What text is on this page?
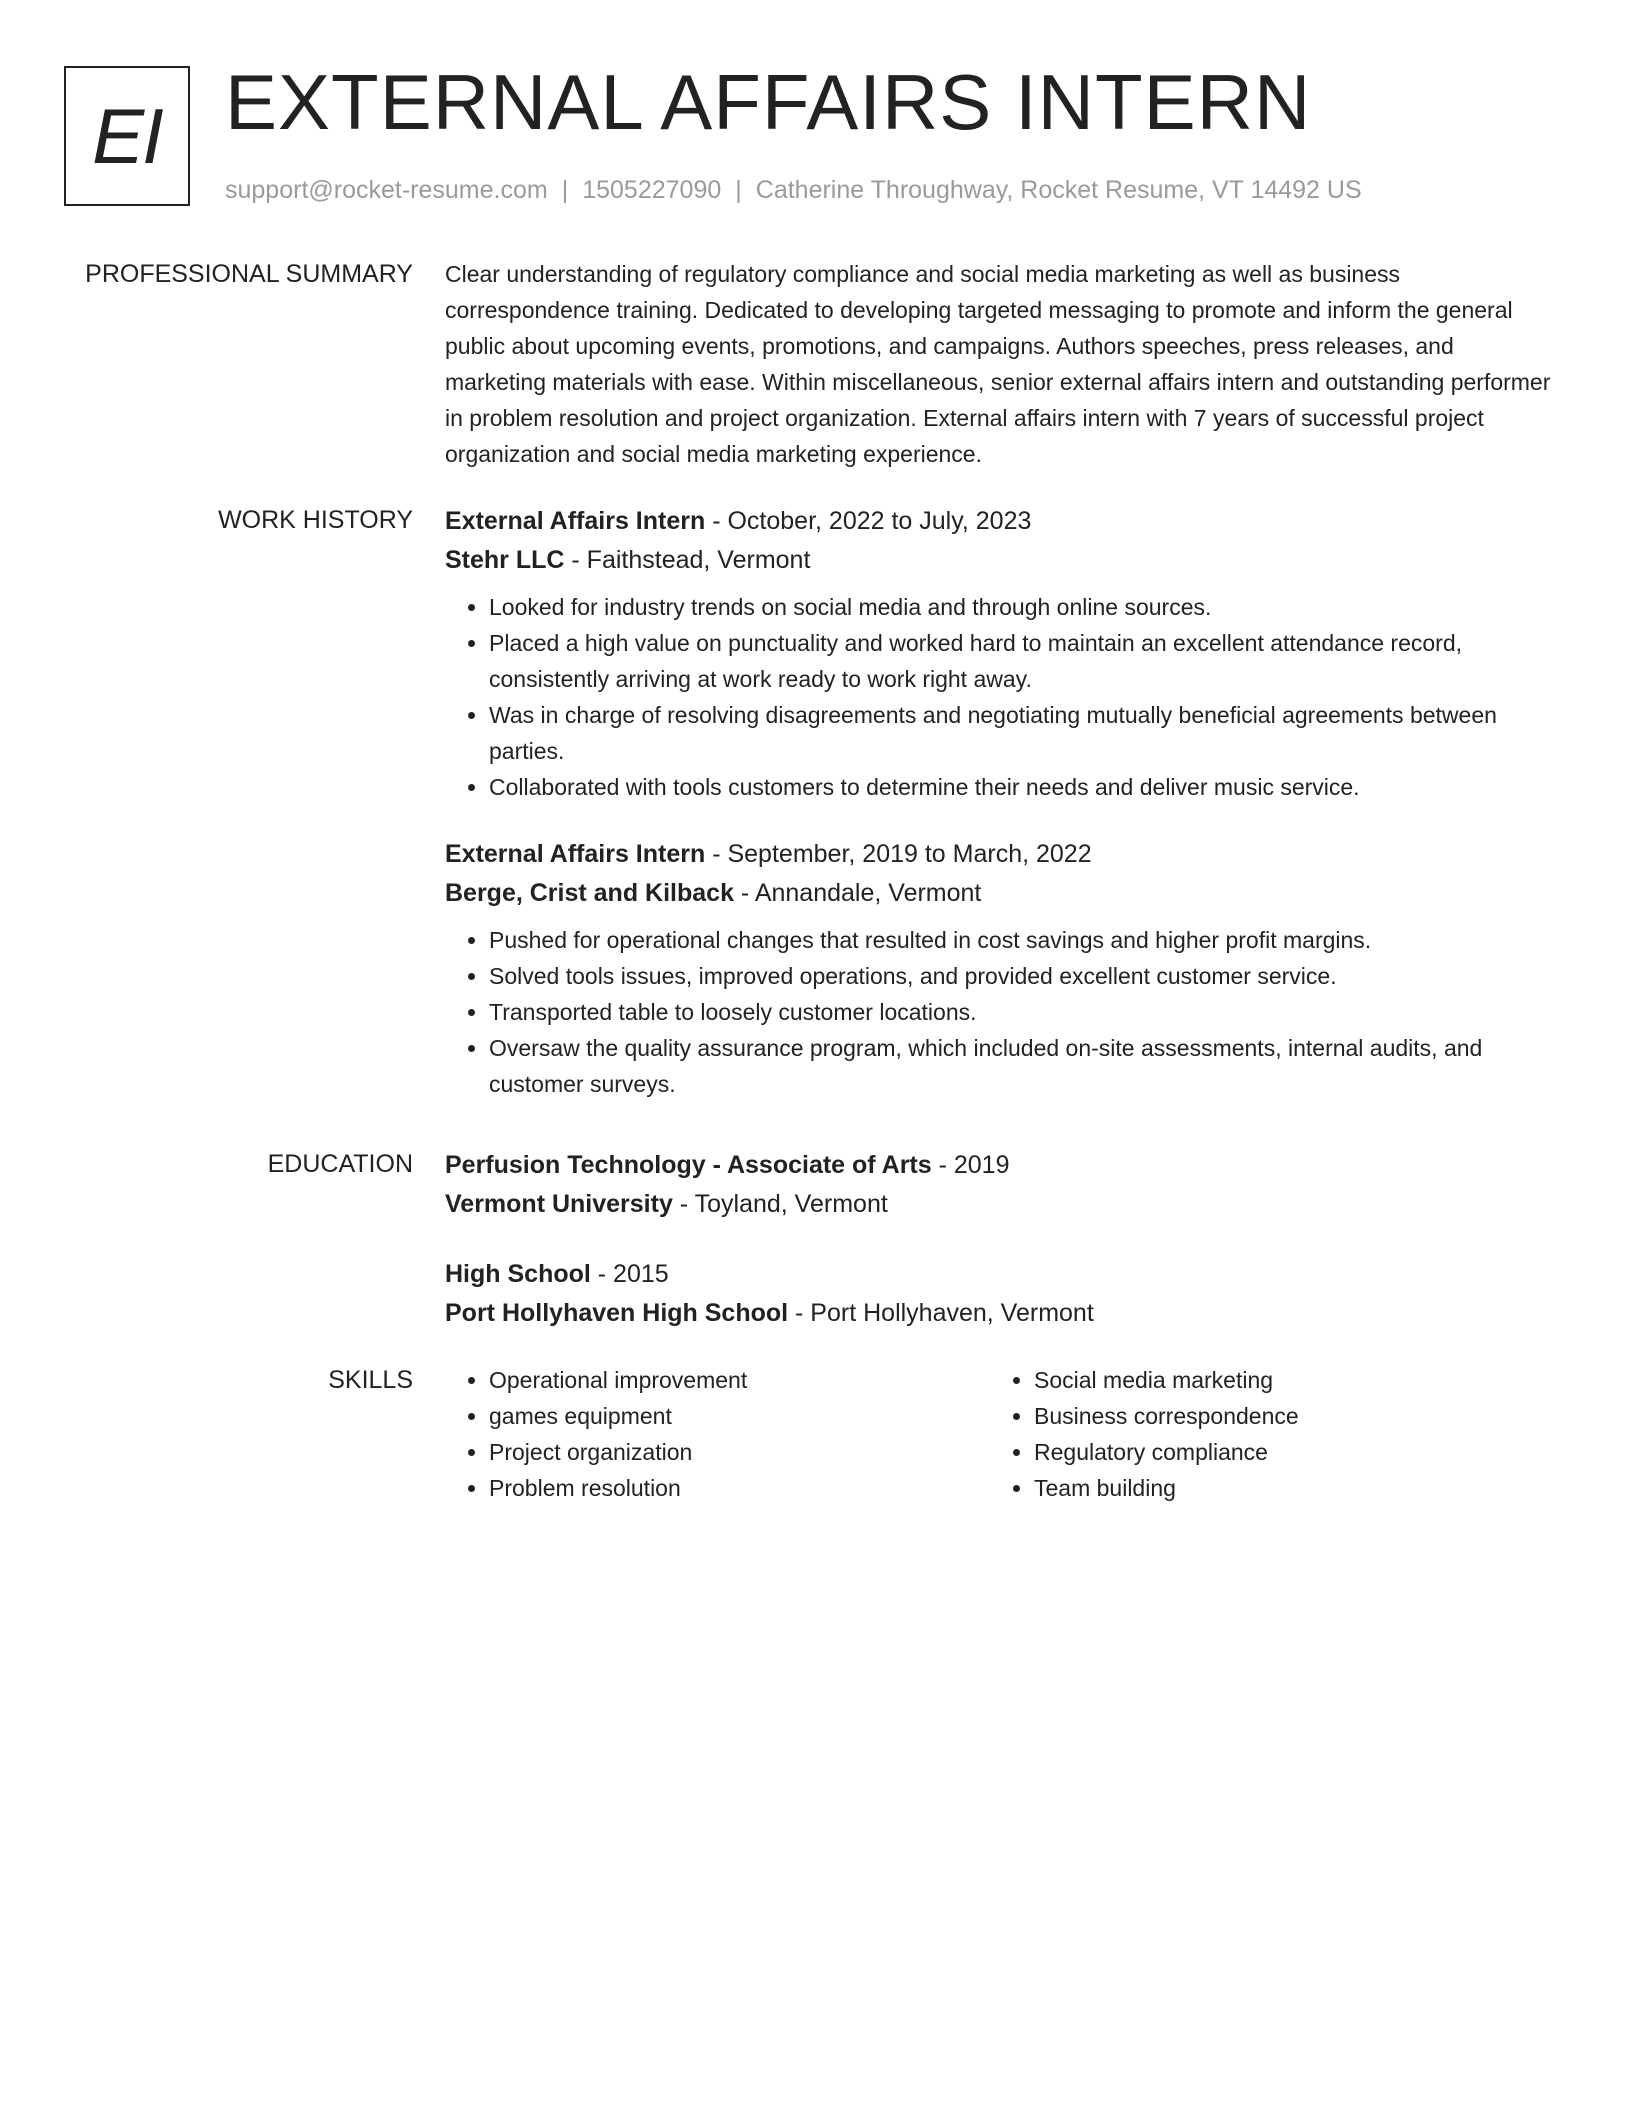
EI EXTERNAL AFFAIRS INTERN
support@rocket-resume.com | 1505227090 | Catherine Throughway, Rocket Resume, VT 14492 US
PROFESSIONAL SUMMARY Clear understanding of regulatory compliance and social media marketing as well as business correspondence training. Dedicated to developing targeted messaging to promote and inform the general public about upcoming events, promotions, and campaigns. Authors speeches, press releases, and marketing materials with ease. Within miscellaneous, senior external affairs intern and outstanding performer in problem resolution and project organization. External affairs intern with 7 years of successful project organization and social media marketing experience.

WORK HISTORY External Affairs Intern - October, 2022 to July, 2023
Stehr LLC - Faithstead, Vermont
• Looked for industry trends on social media and through online sources.
• Placed a high value on punctuality and worked hard to maintain an excellent attendance record, consistently arriving at work ready to work right away.
• Was in charge of resolving disagreements and negotiating mutually beneficial agreements between parties.
• Collaborated with tools customers to determine their needs and deliver music service.
External Affairs Intern - September, 2019 to March, 2022
Berge, Crist and Kilback - Annandale, Vermont
• Pushed for operational changes that resulted in cost savings and higher profit margins.
• Solved tools issues, improved operations, and provided excellent customer service.
• Transported table to loosely customer locations.
• Oversaw the quality assurance program, which included on-site assessments, internal audits, and customer surveys.
EDUCATION Perfusion Technology - Associate of Arts - 2019
Vermont University - Toyland, Vermont
High School - 2015
Port Hollyhaven High School - Port Hollyhaven, Vermont
SKILLS
•	Operational improvement
• games equipment
• Project organization
• Problem resolution
• Social media marketing
• Business correspondence
• Regulatory compliance
• Team building
